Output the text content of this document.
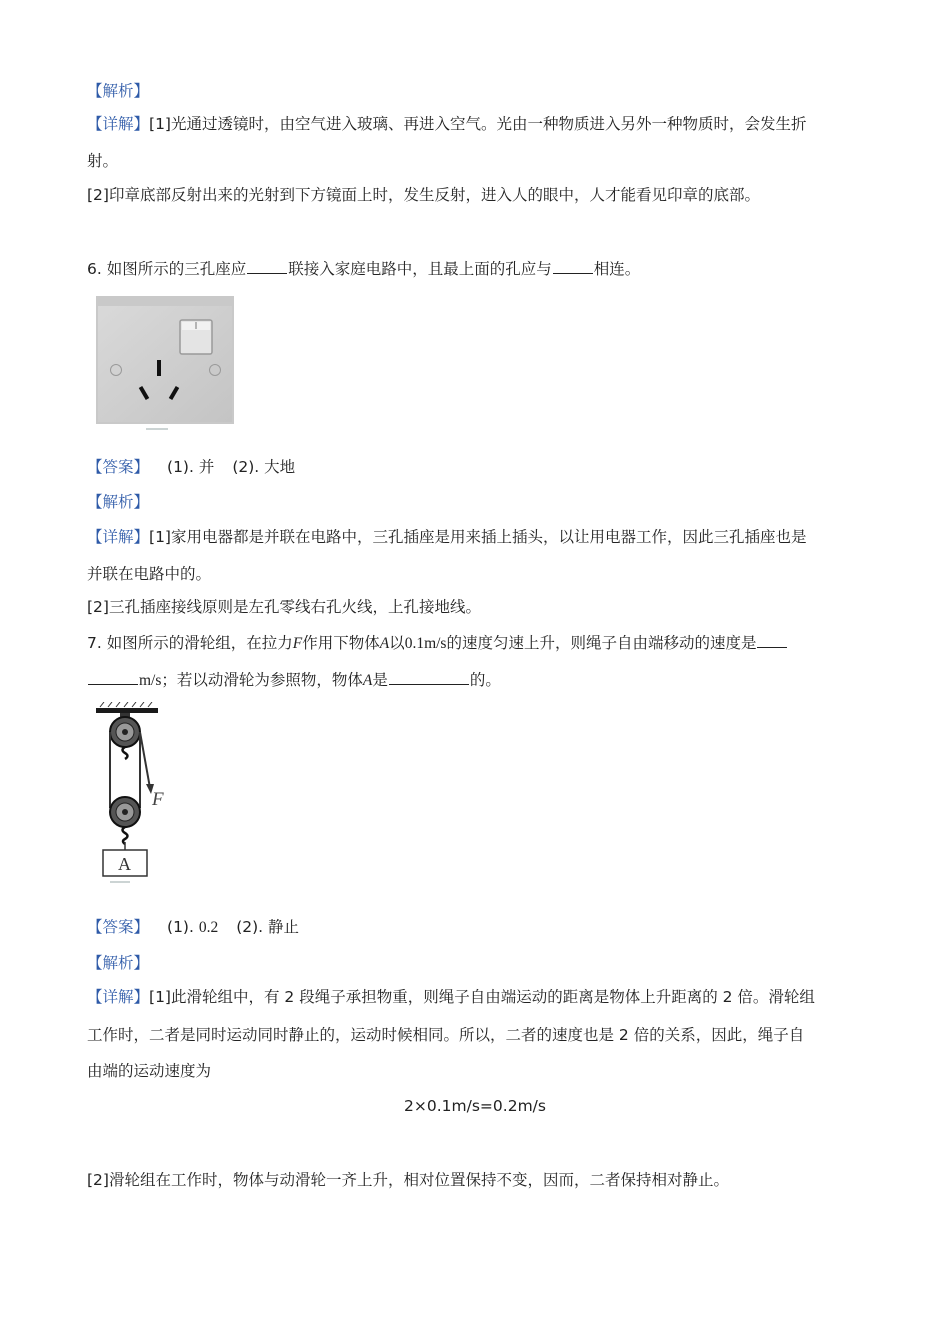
【解析】
【详解】[1]光通过透镜时，由空气进入玻璃、再进入空气。光由一种物质进入另外一种物质时，会发生折
射。
[2]印章底部反射出来的光射到下方镜面上时，发生反射，进入人的眼中，人才能看见印章的底部。
6. 如图所示的三孔座应	联接入家庭电路中，且最上面的孔应与	相连。
【答案】 (1). 并 (2). 大地
【解析】
【详解】[1]家用电器都是并联在电路中，三孔插座是用来插上插头，以让用电器工作，因此三孔插座也是
并联在电路中的。
[2]三孔插座接线原则是左孔零线右孔火线，上孔接地线。
7. 如图所示的滑轮组，在拉力F作用下物体A以0.1m/s的速度匀速上升，则绳子自由端移动的速度是
m/s；若以动滑轮为参照物，物体A是	的。
F
A
【答案】 (1). 0.2 (2). 静止
【解析】
【详解】[1]此滑轮组中，有 2 段绳子承担物重，则绳子自由端运动的距离是物体上升距离的 2 倍。滑轮组
工作时，二者是同时运动同时静止的，运动时候相同。所以，二者的速度也是 2 倍的关系，因此，绳子自
由端的运动速度为
2×0.1m/s=0.2m/s
[2]滑轮组在工作时，物体与动滑轮一齐上升，相对位置保持不变，因而，二者保持相对静止。
